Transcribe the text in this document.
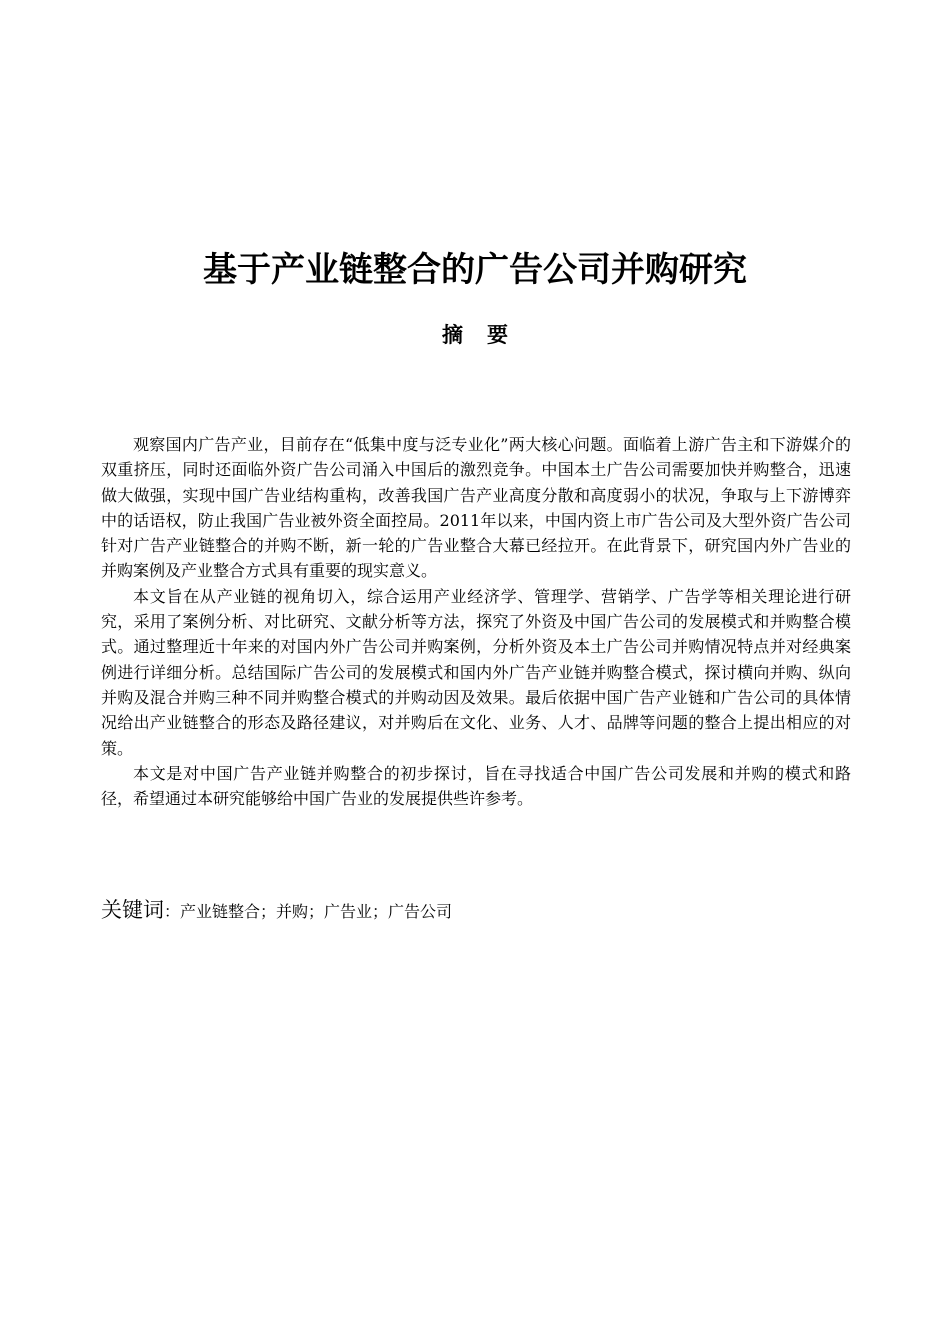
基于产业链整合的广告公司并购研究
摘要

观察国内广告产业，目前存在“低集中度与泛专业化”两大核心问题。面临着上游广告主和下游媒介的双重挤压，同时还面临外资广告公司涌入中国后的激烈竞争。中国本土广告公司需要加快并购整合，迅速做大做强，实现中国广告业结构重构，改善我国广告产业高度分散和高度弱小的状况，争取与上下游博弈中的话语权，防止我国广告业被外资全面控局。2011年以来，中国内资上市广告公司及大型外资广告公司针对广告产业链整合的并购不断，新一轮的广告业整合大幕已经拉开。在此背景下，研究国内外广告业的并购案例及产业整合方式具有重要的现实意义。

本文旨在从产业链的视角切入，综合运用产业经济学、管理学、营销学、广告学等相关理论进行研究，采用了案例分析、对比研究、文献分析等方法，探究了外资及中国广告公司的发展模式和并购整合模式。通过整理近十年来的对国内外广告公司并购案例，分析外资及本土广告公司并购情况特点并对经典案例进行详细分析。总结国际广告公司的发展模式和国内外广告产业链并购整合模式，探讨横向并购、纵向并购及混合并购三种不同并购整合模式的并购动因及效果。最后依据中国广告产业链和广告公司的具体情况给出产业链整合的形态及路径建议，对并购后在文化、业务、人才、品牌等问题的整合上提出相应的对策。

本文是对中国广告产业链并购整合的初步探讨，旨在寻找适合中国广告公司发展和并购的模式和路径，希望通过本研究能够给中国广告业的发展提供些许参考。

关键词：产业链整合；并购；广告业；广告公司
